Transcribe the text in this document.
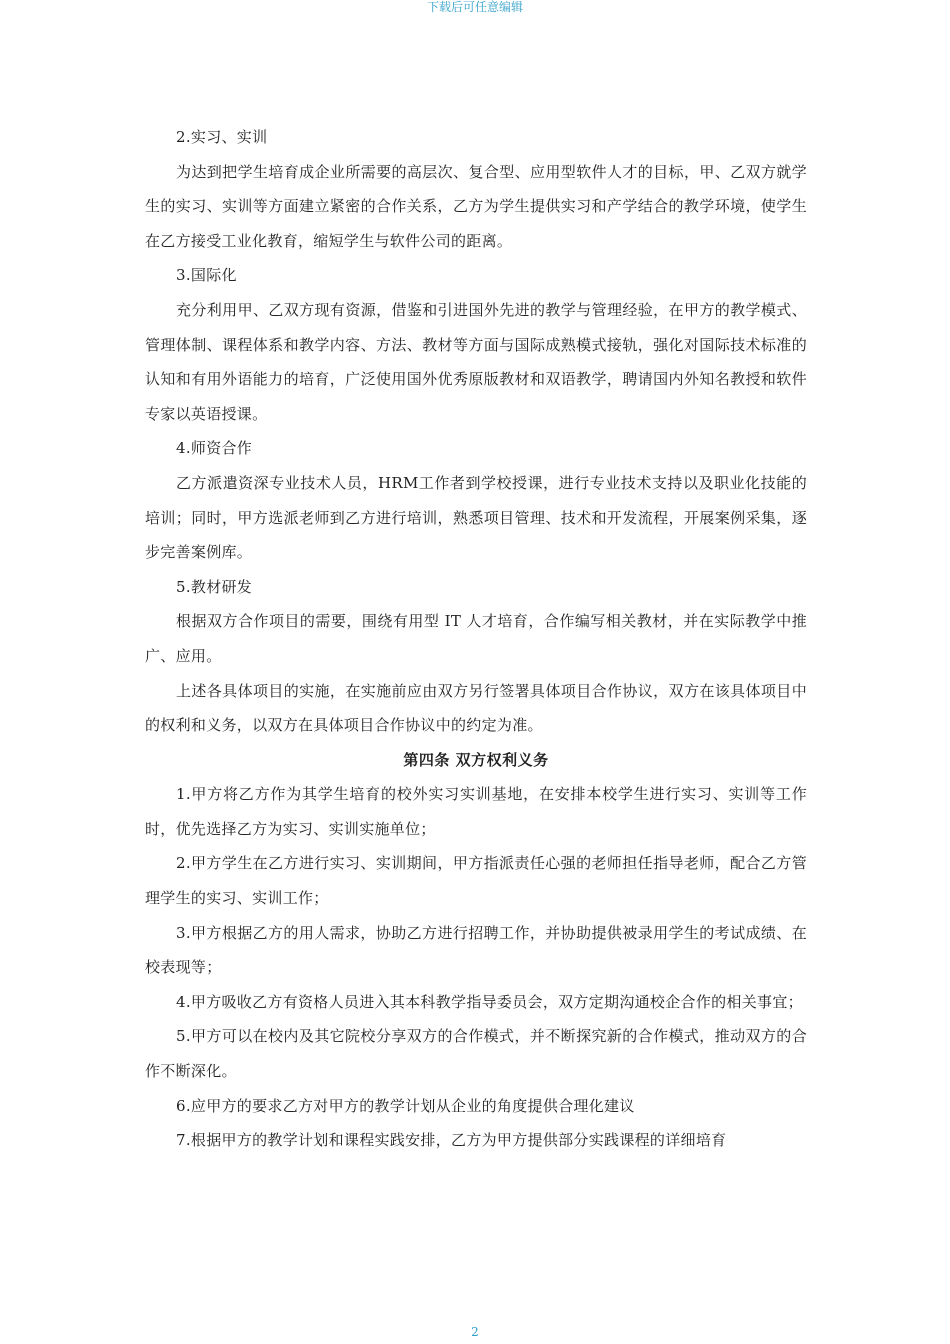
下载后可任意编辑

2.实习、实训

为达到把学生培育成企业所需要的高层次、复合型、应用型软件人才的目标，甲、乙双方就学生的实习、实训等方面建立紧密的合作关系，乙方为学生提供实习和产学结合的教学环境，使学生在乙方接受工业化教育，缩短学生与软件公司的距离。

3.国际化

充分利用甲、乙双方现有资源，借鉴和引进国外先进的教学与管理经验，在甲方的教学模式、管理体制、课程体系和教学内容、方法、教材等方面与国际成熟模式接轨，强化对国际技术标准的认知和有用外语能力的培育，广泛使用国外优秀原版教材和双语教学，聘请国内外知名教授和软件专家以英语授课。

4.师资合作

乙方派遣资深专业技术人员，HRM工作者到学校授课，进行专业技术支持以及职业化技能的培训；同时，甲方选派老师到乙方进行培训，熟悉项目管理、技术和开发流程，开展案例采集，逐步完善案例库。

5.教材研发

根据双方合作项目的需要，围绕有用型 IT 人才培育，合作编写相关教材，并在实际教学中推广、应用。

上述各具体项目的实施，在实施前应由双方另行签署具体项目合作协议，双方在该具体项目中的权利和义务，以双方在具体项目合作协议中的约定为准。

第四条 双方权利义务

1.甲方将乙方作为其学生培育的校外实习实训基地，在安排本校学生进行实习、实训等工作时，优先选择乙方为实习、实训实施单位；

2.甲方学生在乙方进行实习、实训期间，甲方指派责任心强的老师担任指导老师，配合乙方管理学生的实习、实训工作；

3.甲方根据乙方的用人需求，协助乙方进行招聘工作，并协助提供被录用学生的考试成绩、在校表现等；

4.甲方吸收乙方有资格人员进入其本科教学指导委员会，双方定期沟通校企合作的相关事宜；

5.甲方可以在校内及其它院校分享双方的合作模式，并不断探究新的合作模式，推动双方的合作不断深化。

6.应甲方的要求乙方对甲方的教学计划从企业的角度提供合理化建议

7.根据甲方的教学计划和课程实践安排，乙方为甲方提供部分实践课程的详细培育

2
